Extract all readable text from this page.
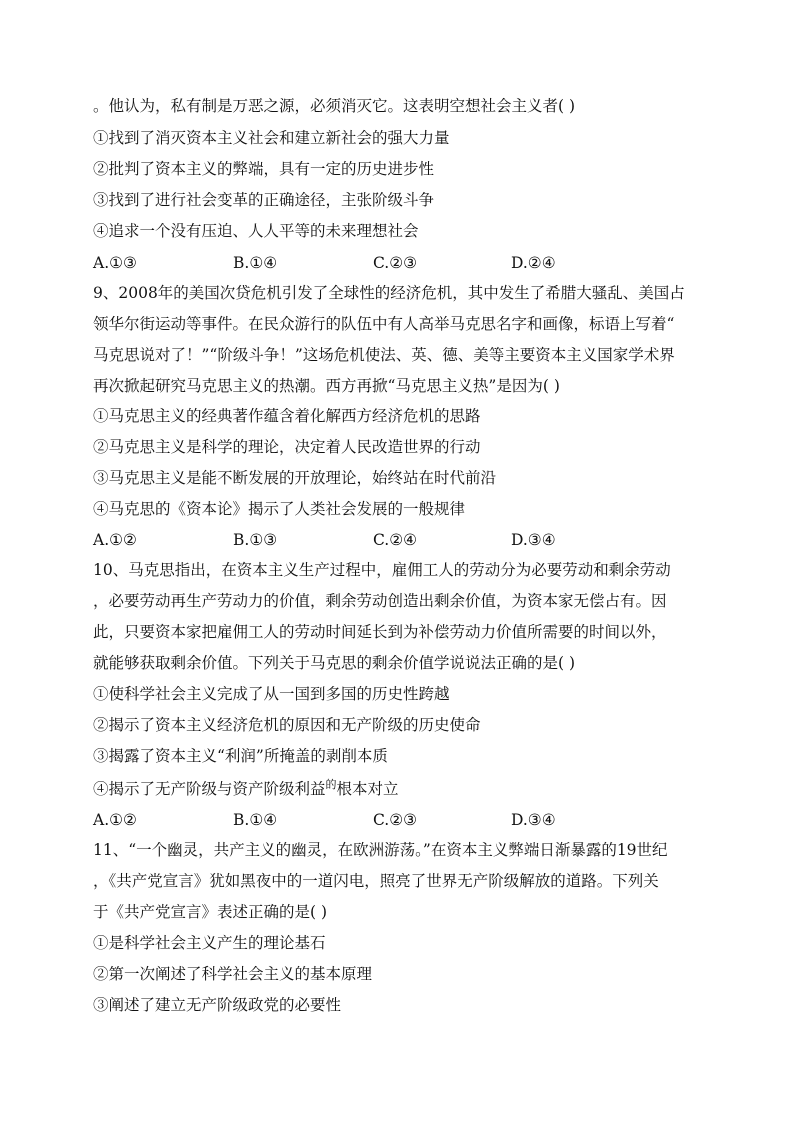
。他认为，私有制是万恶之源，必须消灭它。这表明空想社会主义者( )
①找到了消灭资本主义社会和建立新社会的强大力量
②批判了资本主义的弊端，具有一定的历史进步性
③找到了进行社会变革的正确途径，主张阶级斗争
④追求一个没有压迫、人人平等的未来理想社会
A.①③	B.①④	C.②③	D.②④
9、2008年的美国次贷危机引发了全球性的经济危机，其中发生了希腊大骚乱、美国占
领华尔街运动等事件。在民众游行的队伍中有人高举马克思名字和画像，标语上写着“
马克思说对了！”“阶级斗争！”这场危机使法、英、德、美等主要资本主义国家学术界
再次掀起研究马克思主义的热潮。西方再掀“马克思主义热”是因为( )
①马克思主义的经典著作蕴含着化解西方经济危机的思路
②马克思主义是科学的理论，决定着人民改造世界的行动
③马克思主义是能不断发展的开放理论，始终站在时代前沿
④马克思的《资本论》揭示了人类社会发展的一般规律
A.①②	B.①③	C.②④	D.③④
10、马克思指出，在资本主义生产过程中，雇佣工人的劳动分为必要劳动和剩余劳动
，必要劳动再生产劳动力的价值，剩余劳动创造出剩余价值，为资本家无偿占有。因
此，只要资本家把雇佣工人的劳动时间延长到为补偿劳动力价值所需要的时间以外，
就能够获取剩余价值。下列关于马克思的剩余价值学说说法正确的是( )
①使科学社会主义完成了从一国到多国的历史性跨越
②揭示了资本主义经济危机的原因和无产阶级的历史使命
③揭露了资本主义“利润”所掩盖的剥削本质
④揭示了无产阶级与资产阶级利益$^的$根本对立
A.①②	B.①④	C.②③	D.③④
11、“一个幽灵，共产主义的幽灵，在欧洲游荡。”在资本主义弊端日渐暴露的19世纪
，《共产党宣言》犹如黑夜中的一道闪电，照亮了世界无产阶级解放的道路。下列关
于《共产党宣言》表述正确的是( )
①是科学社会主义产生的理论基石
②第一次阐述了科学社会主义的基本原理
③阐述了建立无产阶级政党的必要性
